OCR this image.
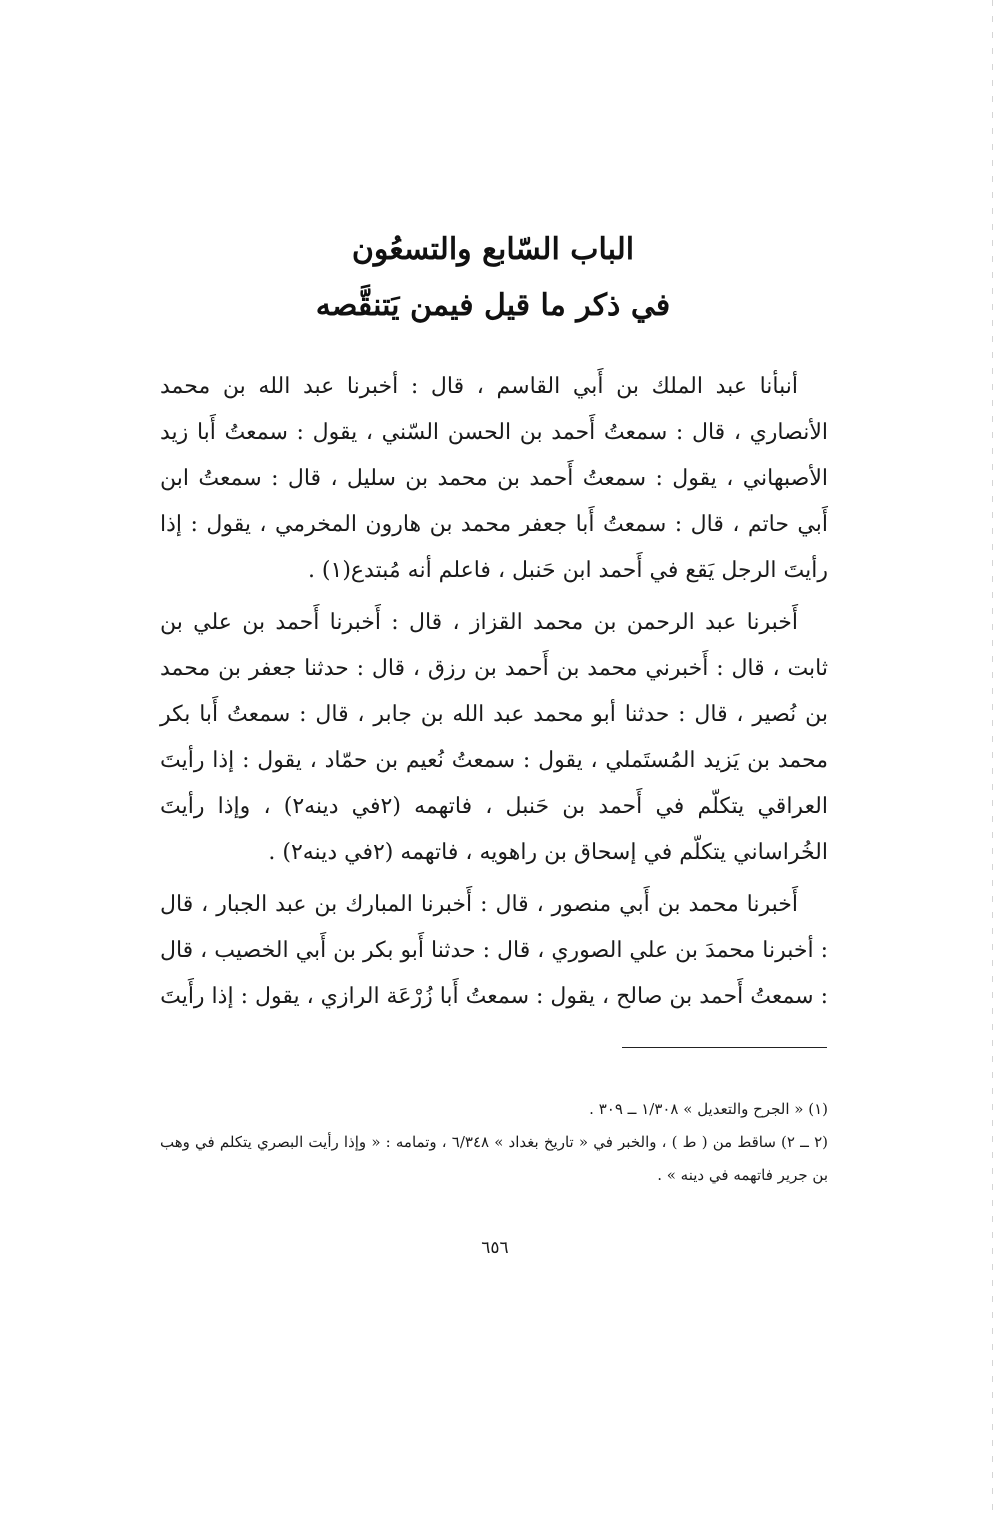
الباب السّابع والتسعُون
في ذكر ما قيل فيمن يَتنقَّصه

أنبأنا عبد الملك بن أَبي القاسم ، قال : أخبرنا عبد الله بن محمد الأنصاري ، قال : سمعتُ أَحمد بن الحسن السّني ، يقول : سمعتُ أَبا زيد الأصبهاني ، يقول : سمعتُ أَحمد بن محمد بن سليل ، قال : سمعتُ ابن أَبي حاتم ، قال : سمعتُ أَبا جعفر محمد بن هارون المخرمي ، يقول : إذا رأيتَ الرجل يَقع في أَحمد ابن حَنبل ، فاعلم أنه مُبتدع(١) .

أَخبرنا عبد الرحمن بن محمد القزاز ، قال : أَخبرنا أَحمد بن علي بن ثابت ، قال : أَخبرني محمد بن أَحمد بن رزق ، قال : حدثنا جعفر بن محمد بن نُصير ، قال : حدثنا أبو محمد عبد الله بن جابر ، قال : سمعتُ أَبا بكر محمد بن يَزيد المُستَملي ، يقول : سمعتُ نُعيم بن حمّاد ، يقول : إذا رأيتَ العراقي يتكلّم في أَحمد بن حَنبل ، فاتهمه (٢في دينه٢) ، وإذا رأيتَ الخُراساني يتكلّم في إسحاق بن راهويه ، فاتهمه (٢في دينه٢) .

أَخبرنا محمد بن أَبي منصور ، قال : أَخبرنا المبارك بن عبد الجبار ، قال : أخبرنا محمدَ بن علي الصوري ، قال : حدثنا أَبو بكر بن أَبي الخصيب ، قال : سمعتُ أَحمد بن صالح ، يقول : سمعتُ أَبا زُرْعَة الرازي ، يقول : إذا رأَيتَ

(١) « الجرح والتعديل » ١/٣٠٨ ــ ٣٠٩ .

(٢ ــ ٢) ساقط من ( ط ) ، والخبر في « تاريخ بغداد » ٦/٣٤٨ ، وتمامه : « وإذا رأيت البصري يتكلم في وهب بن جرير فاتهمه في دينه » .

٦٥٦
